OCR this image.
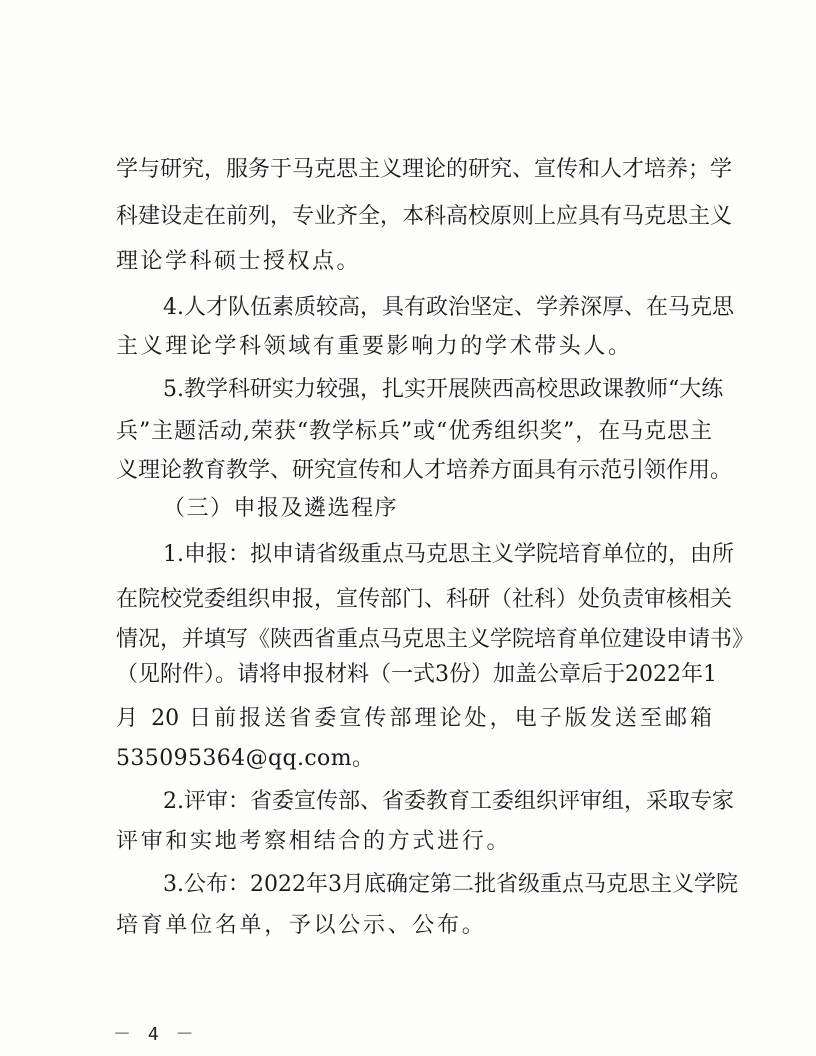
学与研究，服务于马克思主义理论的研究、宣传和人才培养；学
科建设走在前列，专业齐全，本科高校原则上应具有马克思主义
理论学科硕士授权点。
4.人才队伍素质较高，具有政治坚定、学养深厚、在马克思
主义理论学科领域有重要影响力的学术带头人。
5.教学科研实力较强，扎实开展陕西高校思政课教师“大练
兵”主题活动,荣获“教学标兵”或“优秀组织奖”，在马克思主
义理论教育教学、研究宣传和人才培养方面具有示范引领作用。
（三）申报及遴选程序
1.申报：拟申请省级重点马克思主义学院培育单位的，由所
在院校党委组织申报，宣传部门、科研（社科）处负责审核相关
情况，并填写《陕西省重点马克思主义学院培育单位建设申请书》
（见附件）。请将申报材料（一式3份）加盖公章后于2022年1
月 20 日前报送省委宣传部理论处，电子版发送至邮箱
535095364@qq.com。
2.评审：省委宣传部、省委教育工委组织评审组，采取专家
评审和实地考察相结合的方式进行。
3.公布：2022年3月底确定第二批省级重点马克思主义学院
培育单位名单，予以公示、公布。
－ 4 －
